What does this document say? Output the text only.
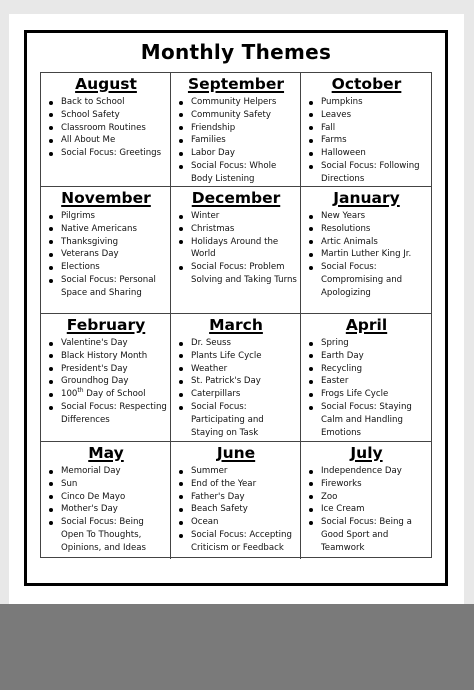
Monthly Themes
August
Back to School
School Safety
Classroom Routines
All About Me
Social Focus: Greetings
September
Community Helpers
Community Safety
Friendship
Families
Labor Day
Social Focus: Whole Body Listening
October
Pumpkins
Leaves
Fall
Farms
Halloween
Social Focus: Following Directions
November
Pilgrims
Native Americans
Thanksgiving
Veterans Day
Elections
Social Focus: Personal Space and Sharing
December
Winter
Christmas
Holidays Around the World
Social Focus: Problem Solving and Taking Turns
January
New Years
Resolutions
Artic Animals
Martin Luther King Jr.
Social Focus: Compromising and Apologizing
February
Valentine's Day
Black History Month
President's Day
Groundhog Day
100th Day of School
Social Focus: Respecting Differences
March
Dr. Seuss
Plants Life Cycle
Weather
St. Patrick's Day
Caterpillars
Social Focus: Participating and Staying on Task
April
Spring
Earth Day
Recycling
Easter
Frogs Life Cycle
Social Focus: Staying Calm and Handling Emotions
May
Memorial Day
Sun
Cinco De Mayo
Mother's Day
Social Focus: Being Open To Thoughts, Opinions, and Ideas
June
Summer
End of the Year
Father's Day
Beach Safety
Ocean
Social Focus: Accepting Criticism or Feedback
July
Independence Day
Fireworks
Zoo
Ice Cream
Social Focus: Being a Good Sport and Teamwork
